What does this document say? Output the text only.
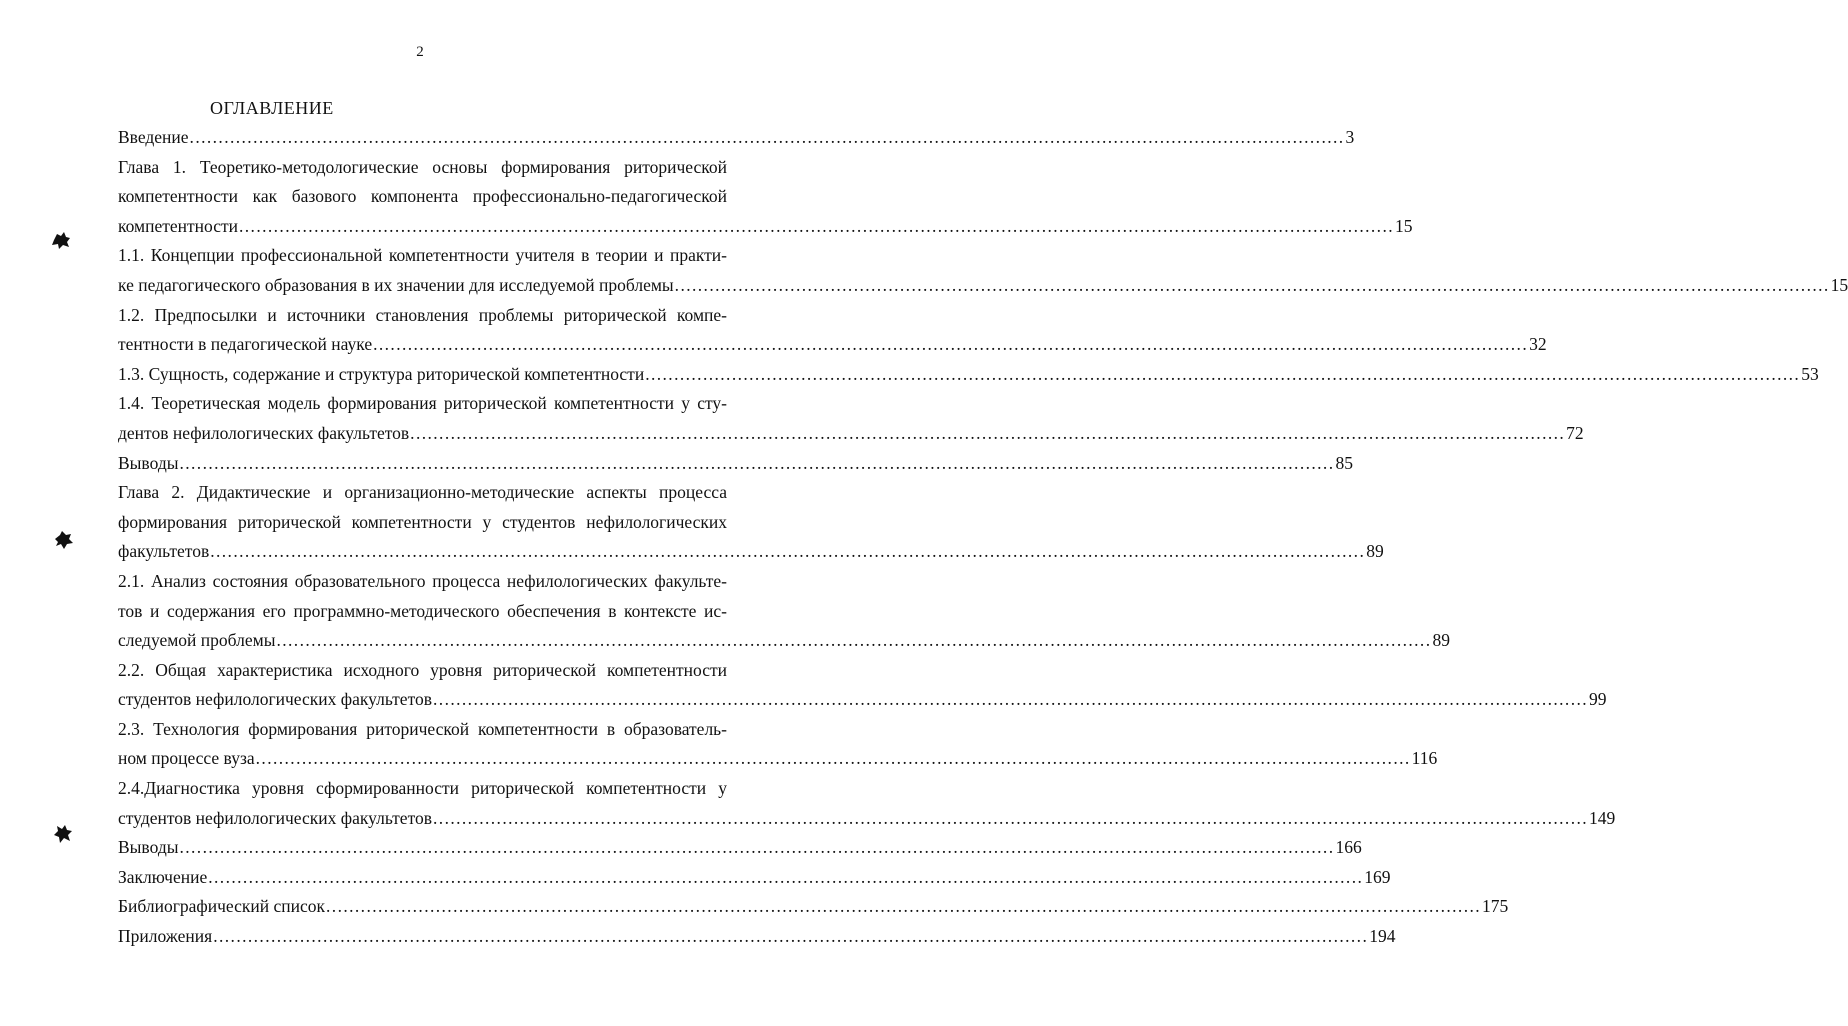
2
ОГЛАВЛЕНИЕ
Введение ........................................................................................................................................................................................................ 3
Глава 1. Теоретико-методологические основы формирования риторической
компетентности как базового компонента профессионально-педагогической
компетентности ........................................................................................................................................................................................................ 15
1.1. Концепции профессиональной компетентности учителя в теории и практи-
ке педагогического образования в их значении для исследуемой проблемы ........................................................................................................................................................................................................ 15
1.2. Предпосылки и источники становления проблемы риторической компе-
тентности в педагогической науке ........................................................................................................................................................................................................ 32
1.3. Сущность, содержание и структура риторической компетентности ........................................................................................................................................................................................................ 53
1.4. Теоретическая модель формирования риторической компетентности у сту-
дентов нефилологических факультетов ........................................................................................................................................................................................................ 72
Выводы ........................................................................................................................................................................................................ 85
Глава 2. Дидактические и организационно-методические аспекты процесса
формирования риторической компетентности у студентов нефилологических
факультетов ........................................................................................................................................................................................................ 89
2.1. Анализ состояния образовательного процесса нефилологических факульте-
тов и содержания его программно-методического обеспечения в контексте ис-
следуемой проблемы ........................................................................................................................................................................................................ 89
2.2. Общая характеристика исходного уровня риторической компетентности
студентов нефилологических факультетов ........................................................................................................................................................................................................ 99
2.3. Технология формирования риторической компетентности в образователь-
ном процессе вуза ........................................................................................................................................................................................................ 116
2.4.Диагностика уровня сформированности риторической компетентности у
студентов нефилологических факультетов ........................................................................................................................................................................................................ 149
Выводы ........................................................................................................................................................................................................ 166
Заключение ........................................................................................................................................................................................................ 169
Библиографический список ........................................................................................................................................................................................................ 175
Приложения ........................................................................................................................................................................................................ 194
